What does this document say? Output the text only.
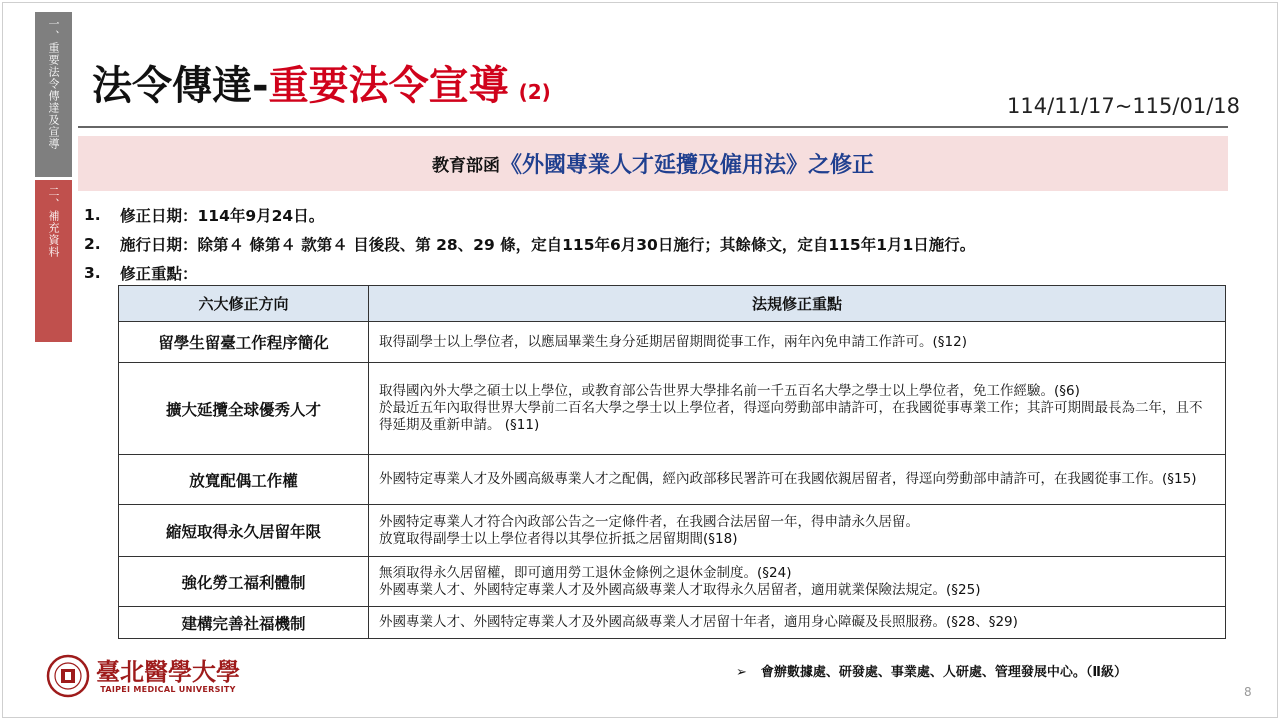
一、重要法令傳達及宣導
二、補充資料
法令傳達-重要法令宣導 (2)
114/11/17~115/01/18
教育部函 《外國專業人才延攬及僱用法》之修正
1.	修正日期：114年9月24日。
2.	施行日期：除第４ 條第４ 款第４ 目後段、第 28、29 條，定自115年6月30日施行；其餘條文，定自115年1月1日施行。
3.	修正重點：
六大修正方向	法規修正重點
留學生留臺工作程序簡化	取得副學士以上學位者，以應屆畢業生身分延期居留期間從事工作，兩年內免申請工作許可。(§12)

擴大延攬全球優秀人才	取得國內外大學之碩士以上學位，或教育部公告世界大學排名前一千五百名大學之學士以上學位者，免工作經驗。(§6)
於最近五年內取得世界大學前二百名大學之學士以上學位者，得逕向勞動部申請許可，在我國從事專業工作；其許可期間最長為二年，且不得延期及重新申請。 (§11)

放寬配偶工作權	外國特定專業人才及外國高級專業人才之配偶，經內政部移民署許可在我國依親居留者，得逕向勞動部申請許可，在我國從事工作。(§15)

縮短取得永久居留年限	外國特定專業人才符合內政部公告之一定條件者，在我國合法居留一年，得申請永久居留。
放寬取得副學士以上學位者得以其學位折抵之居留期間(§18)

強化勞工福利體制	無須取得永久居留權，即可適用勞工退休金條例之退休金制度。(§24)
外國專業人才、外國特定專業人才及外國高級專業人才取得永久居留者，適用就業保險法規定。(§25)

建構完善社福機制	外國專業人才、外國特定專業人才及外國高級專業人才居留十年者，適用身心障礙及長照服務。(§28、§29)
臺北醫學大學
TAIPEI MEDICAL UNIVERSITY
➢ 會辦數據處、研發處、事業處、人研處、管理發展中心。（Ⅱ級）
8
